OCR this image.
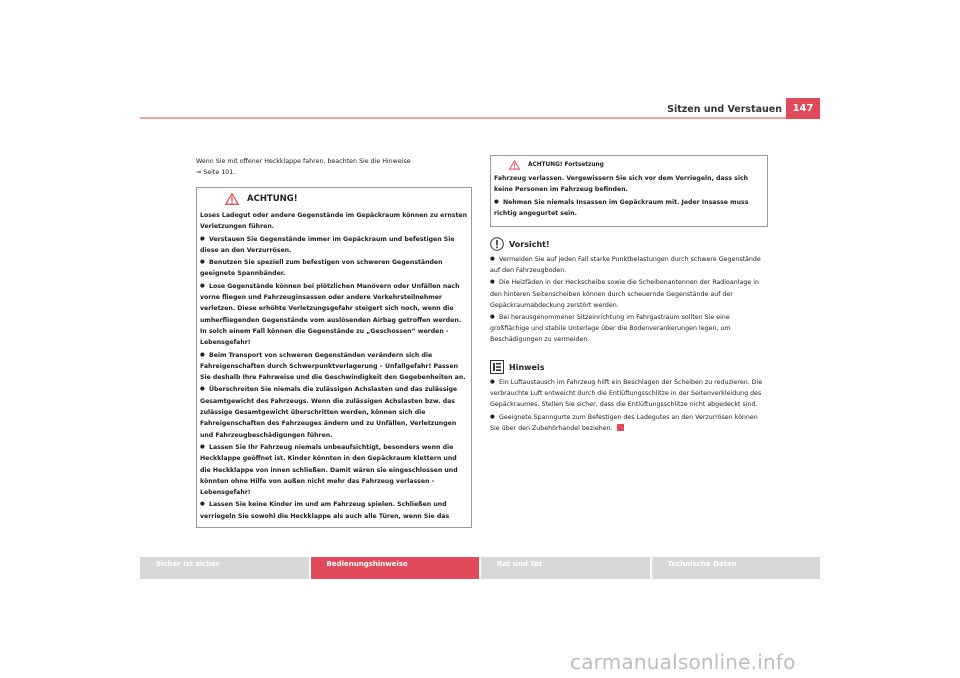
Sitzen und Verstauen	147
Wenn Sie mit offener Heckklappe fahren, beachten Sie die Hinweise
⇒ Seite 101.
ACHTUNG!

Loses Ladegut oder andere Gegenstände im Gepäckraum können zu ernsten Verletzungen führen.

● Verstauen Sie Gegenstände immer im Gepäckraum und befestigen Sie diese an den Verzurrösen.

● Benutzen Sie speziell zum befestigen von schweren Gegenständen geeignete Spannbänder.

● Lose Gegenstände können bei plötzlichen Manövern oder Unfällen nach vorne fliegen und Fahrzeuginsassen oder andere Verkehrsteilnehmer verletzen. Diese erhöhte Verletzungsgefahr steigert sich noch, wenn die umherfliegenden Gegenstände vom auslösenden Airbag getroffen werden. In solch einem Fall können die Gegenstände zu „Geschossen“ werden - Lebensgefahr!

● Beim Transport von schweren Gegenständen verändern sich die Fahreigenschaften durch Schwerpunktverlagerung – Unfallgefahr! Passen Sie deshalb Ihre Fahrweise und die Geschwindigkeit den Gegebenheiten an.

● Überschreiten Sie niemals die zulässigen Achslasten und das zulässige Gesamtgewicht des Fahrzeugs. Wenn die zulässigen Achslasten bzw. das zulässige Gesamtgewicht überschritten werden, können sich die Fahreigenschaften des Fahrzeuges ändern und zu Unfällen, Verletzungen und Fahrzeugbeschädigungen führen.

● Lassen Sie Ihr Fahrzeug niemals unbeaufsichtigt, besonders wenn die Heckklappe geöffnet ist. Kinder könnten in den Gepäckraum klettern und die Heckklappe von innen schließen. Damit wären sie eingeschlossen und könnten ohne Hilfe von außen nicht mehr das Fahrzeug verlassen - Lebensgefahr!

● Lassen Sie keine Kinder im und am Fahrzeug spielen. Schließen und verriegeln Sie sowohl die Heckklappe als auch alle Türen, wenn Sie das

ACHTUNG! Fortsetzung

Fahrzeug verlassen. Vergewissern Sie sich vor dem Verriegeln, dass sich keine Personen im Fahrzeug befinden.

● Nehmen Sie niemals Insassen im Gepäckraum mit. Jeder Insasse muss richtig angegurtet sein.

Vorsicht!

● Vermeiden Sie auf jeden Fall starke Punktbelastungen durch schwere Gegenstände auf den Fahrzeugboden.

● Die Heizfäden in der Heckscheibe sowie die Scheibenantennen der Radioanlage in den hinteren Seitenscheiben können durch scheuernde Gegenstände auf der Gepäckraumabdeckung zerstört werden.

● Bei herausgenommener Sitzeinrichtung im Fahrgastraum sollten Sie eine großflächige und stabile Unterlage über die Bodenverankerungen legen, um Beschädigungen zu vermeiden.

Hinweis

● Ein Luftaustausch im Fahrzeug hilft ein Beschlagen der Scheiben zu reduzieren. Die verbrauchte Luft entweicht durch die Entlüftungsschlitze in der Seitenverkleidung des Gepäckraumes. Stellen Sie sicher, dass die Entlüftungsschlitze nicht abgedeckt sind.

● Geeignete Spanngurte zum Befestigen des Ladegutes an den Verzurrösen können Sie über den Zubehörhandel beziehen.

Sicher ist sicher	Bedienungshinweise	Rat und Tat	Technische Daten
carmanualsonline.info
